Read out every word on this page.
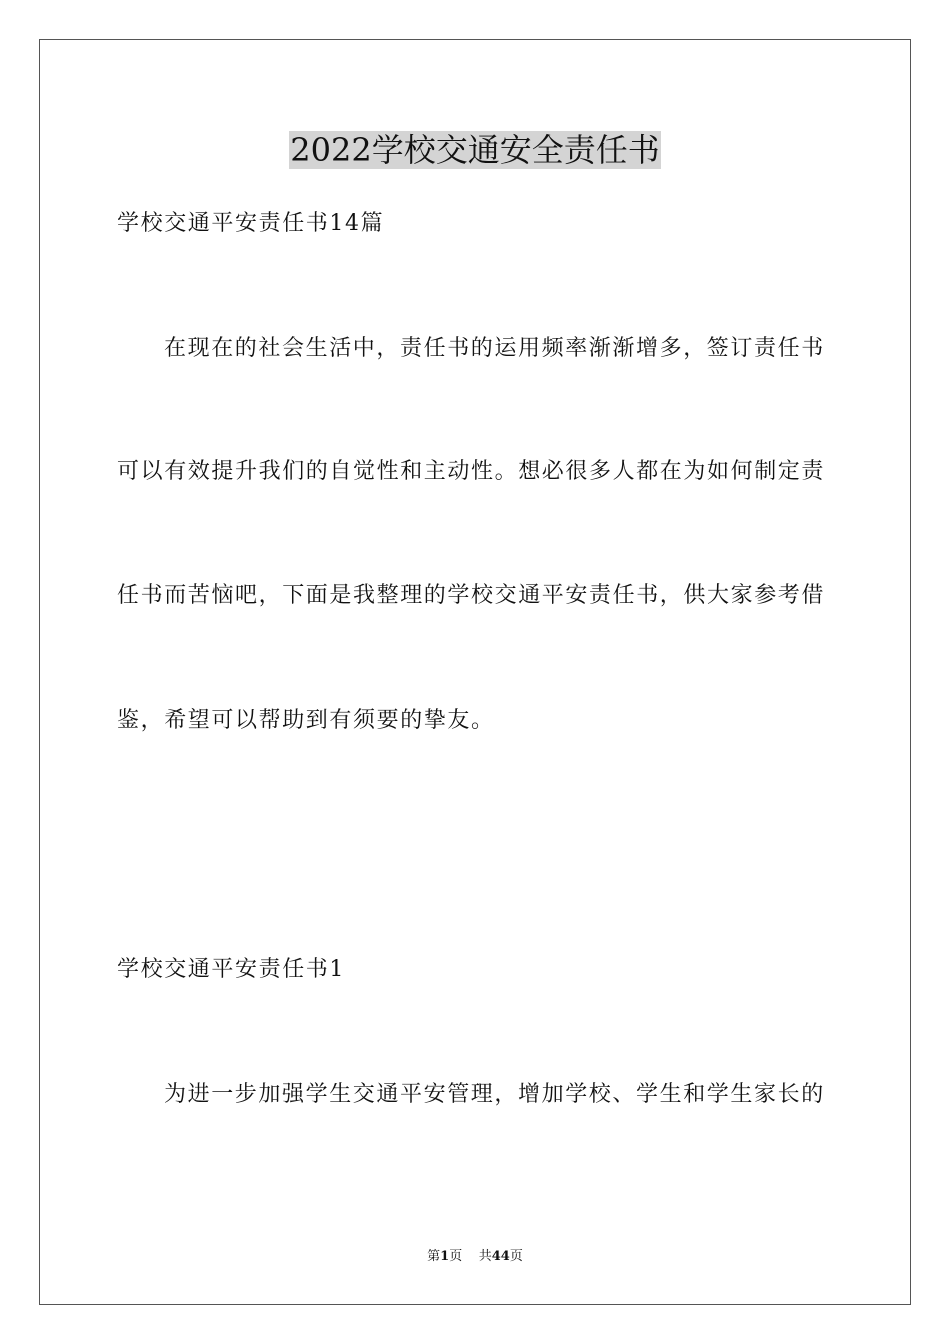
2022学校交通安全责任书
学校交通平安责任书14篇
在现在的社会生活中，责任书的运用频率渐渐增多，签订责任书
可以有效提升我们的自觉性和主动性。想必很多人都在为如何制定责
任书而苦恼吧，下面是我整理的学校交通平安责任书，供大家参考借
鉴，希望可以帮助到有须要的挚友。
学校交通平安责任书1
为进一步加强学生交通平安管理，增加学校、学生和学生家长的
第1页 共44页
